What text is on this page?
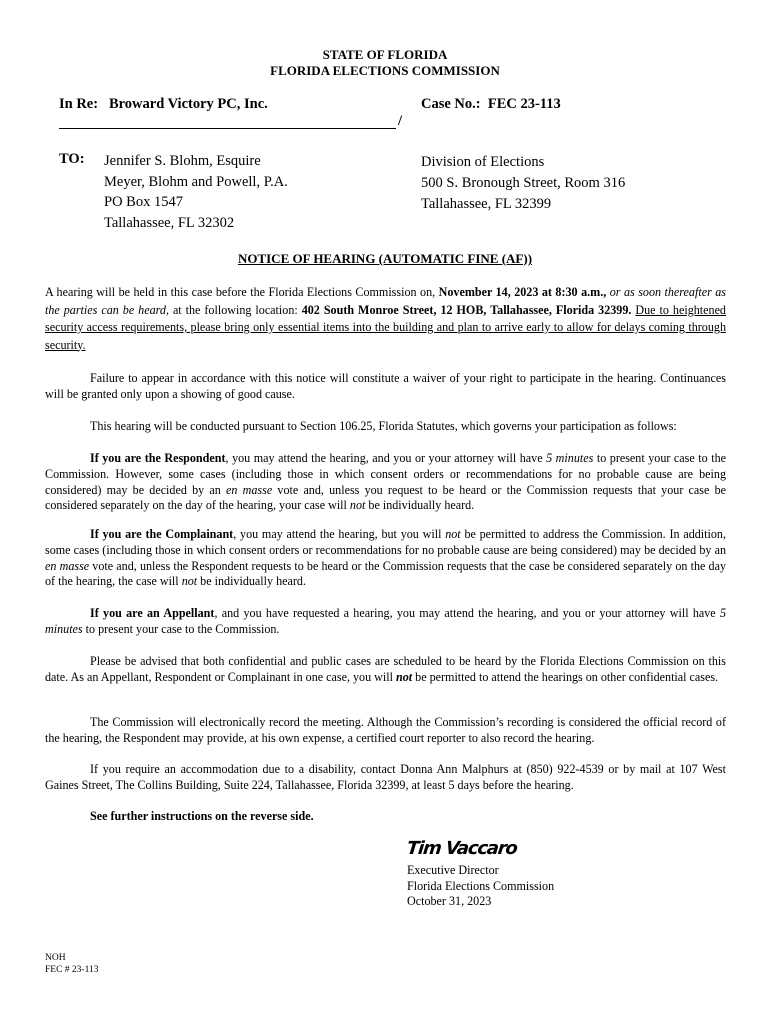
STATE OF FLORIDA
FLORIDA ELECTIONS COMMISSION
In Re:   Broward Victory PC, Inc.	Case No.:  FEC 23-113
/
TO: Jennifer S. Blohm, Esquire
Meyer, Blohm and Powell, P.A.
PO Box 1547
Tallahassee, FL 32302
Division of Elections
500 S. Bronough Street, Room 316
Tallahassee, FL 32399
NOTICE OF HEARING (AUTOMATIC FINE (AF))
A hearing will be held in this case before the Florida Elections Commission on, November 14, 2023 at 8:30 a.m., or as soon thereafter as the parties can be heard, at the following location: 402 South Monroe Street, 12 HOB, Tallahassee, Florida 32399. Due to heightened security access requirements, please bring only essential items into the building and plan to arrive early to allow for delays coming through security.
Failure to appear in accordance with this notice will constitute a waiver of your right to participate in the hearing. Continuances will be granted only upon a showing of good cause.
This hearing will be conducted pursuant to Section 106.25, Florida Statutes, which governs your participation as follows:
If you are the Respondent, you may attend the hearing, and you or your attorney will have 5 minutes to present your case to the Commission. However, some cases (including those in which consent orders or recommendations for no probable cause are being considered) may be decided by an en masse vote and, unless you request to be heard or the Commission requests that your case be considered separately on the day of the hearing, your case will not be individually heard.
If you are the Complainant, you may attend the hearing, but you will not be permitted to address the Commission. In addition, some cases (including those in which consent orders or recommendations for no probable cause are being considered) may be decided by an en masse vote and, unless the Respondent requests to be heard or the Commission requests that the case be considered separately on the day of the hearing, the case will not be individually heard.
If you are an Appellant, and you have requested a hearing, you may attend the hearing, and you or your attorney will have 5 minutes to present your case to the Commission.
Please be advised that both confidential and public cases are scheduled to be heard by the Florida Elections Commission on this date. As an Appellant, Respondent or Complainant in one case, you will not be permitted to attend the hearings on other confidential cases.
The Commission will electronically record the meeting. Although the Commission’s recording is considered the official record of the hearing, the Respondent may provide, at his own expense, a certified court reporter to also record the hearing.
If you require an accommodation due to a disability, contact Donna Ann Malphurs at (850) 922-4539 or by mail at 107 West Gaines Street, The Collins Building, Suite 224, Tallahassee, Florida 32399, at least 5 days before the hearing.
See further instructions on the reverse side.
Tim Vaccaro
Executive Director
Florida Elections Commission
October 31, 2023
NOH
FEC # 23-113
